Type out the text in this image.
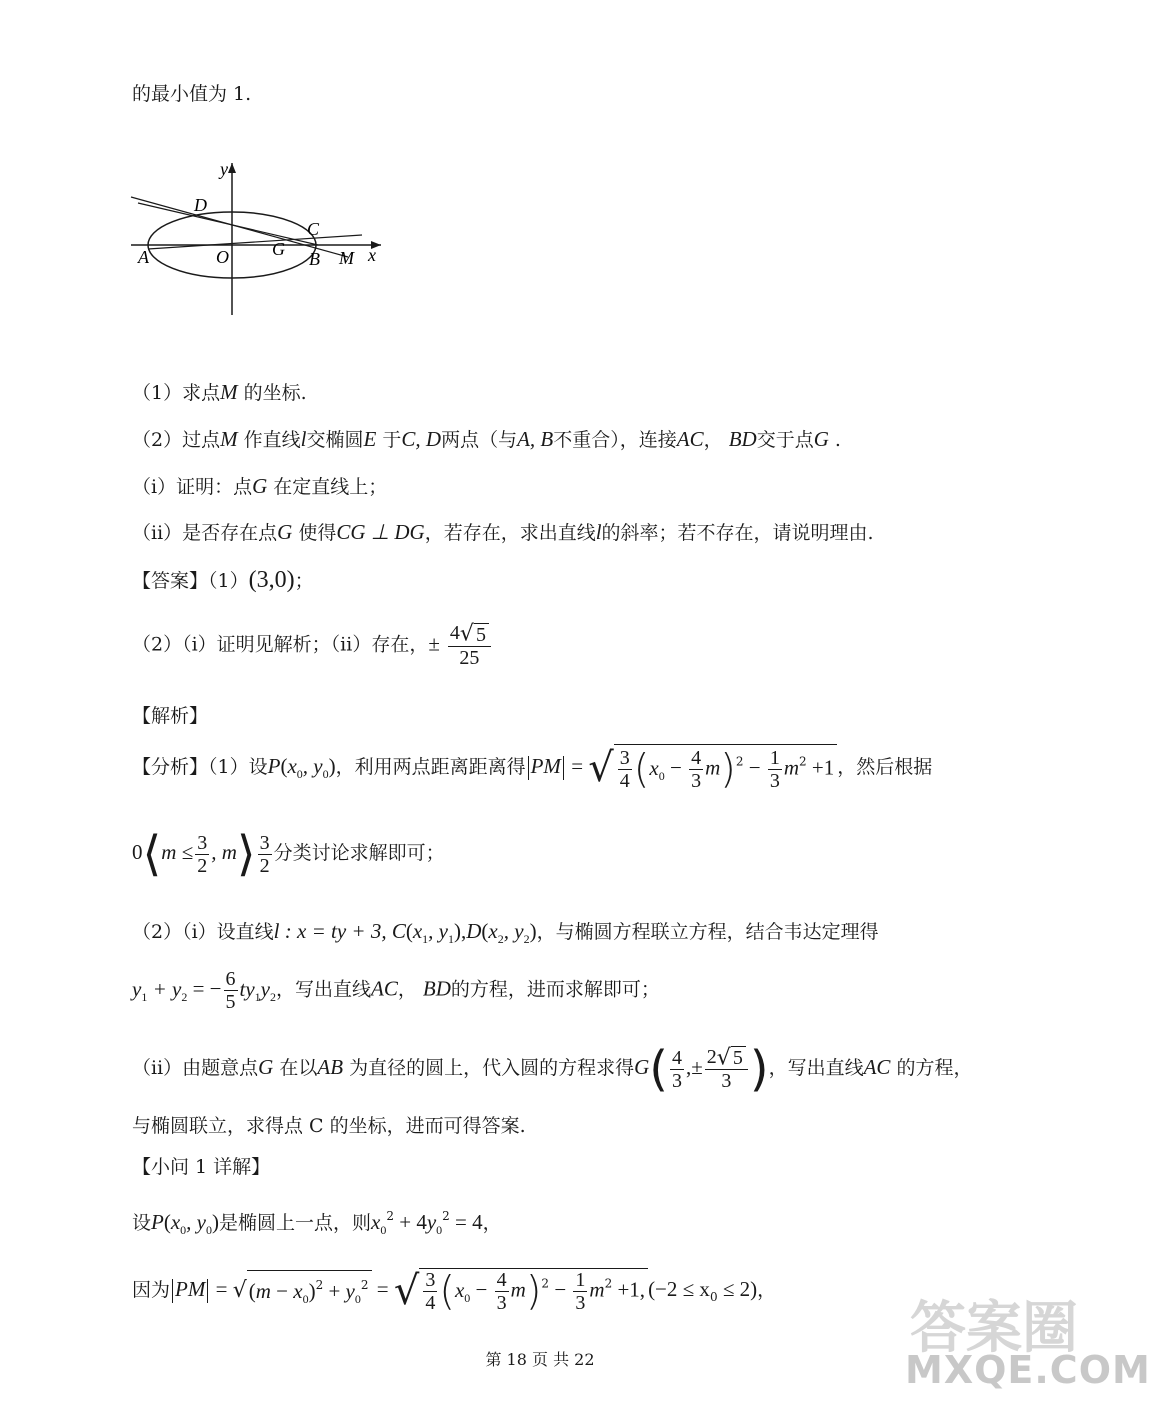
的最小值为 1.
y
x
D
C
A	O G B M
（1）求点M 的坐标.
（2）过点M 作直线l交椭圆E 于C, D两点（与A, B不重合），连接AC， BD交于点G .
（ⅰ）证明：点G 在定直线上；
（ⅱ）是否存在点G 使得CG ⊥ DG，若存在，求出直线l的斜率；若不存在，请说明理由.
【答案】（1）(3,0)；
（2）（ⅰ）证明见解析；（ⅱ）存在，± $\frac{4√ 5}{25}$
【解析】
【分析】（1）设$P(x_0$, $y_0$)，利用两点距离距离得 PM = √ $\frac{3}{4} (x_0 - \frac{4}{3} m)^2 - \frac{1}{3} m^2 +1$ ，然后根据
0⟨m ≤ $\frac{3}{2}$ , m⟩ $\frac{3}{2}$ 分类讨论求解即可；
（2）（ⅰ）设直线l : x = ty + 3, $C(x_1$, $y_1),D(x_2$, $y_2$)，与椭圆方程联立方程，结合韦达定理得
$y_1 + y_2$ = − $\frac{6}{5} ty_1y_2$，写出直线AC， BD的方程，进而求解即可；
（ⅱ）由题意点G 在以AB 为直径的圆上，代入圆的方程求得$G( \frac{4}{3}$ ,± $\frac{2√ 5}{3}$ )，写出直线AC 的方程，
与椭圆联立，求得点 C 的坐标，进而可得答案.
【小问 1 详解】
设$P(x_0$, $y_0$)是椭圆上一点，则$x_0^2 + 4y_0^2 = 4$，
因为 PM = $√(m - x_0)^2 + y_0^2$ = √ $\frac{3}{4} (x_0 - \frac{4}{3} m)^2 - \frac{1}{3} m^2 +1$, $(-2 \le x_0 \le 2)$，
答案圈
MXQE.COM
第 18 页 共 22
